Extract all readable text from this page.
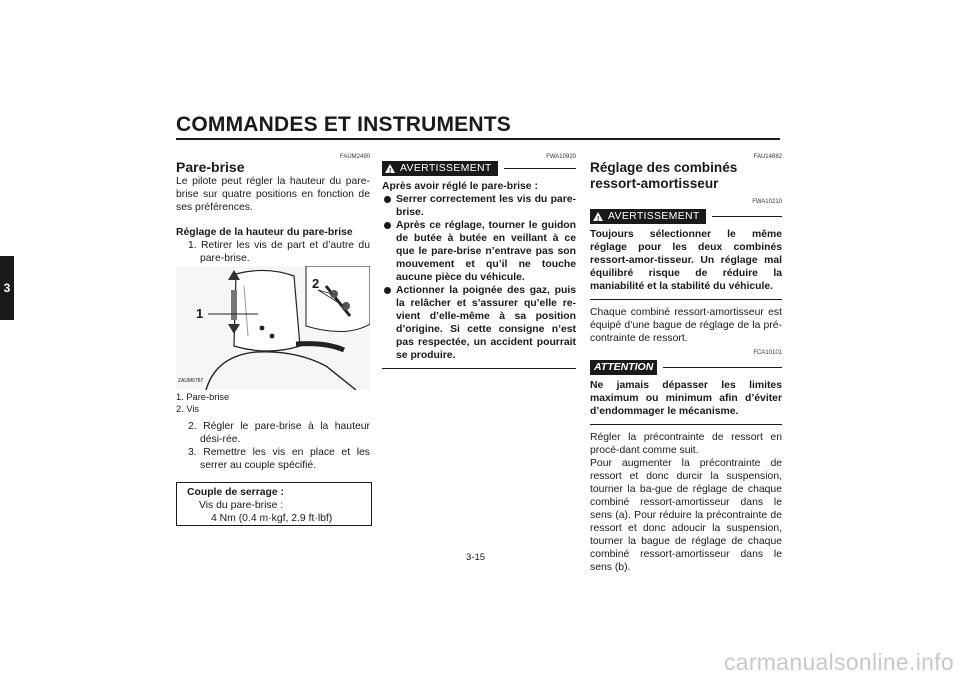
COMMANDES ET INSTRUMENTS
3
FAUM2490
Pare-brise
Le pilote peut régler la hauteur du pare-brise sur quatre positions en fonction de ses préférences.
Réglage de la hauteur du pare-brise
1. Retirer les vis de part et d’autre du pare-brise.
1
2
ZAUM0787
1. Pare-brise
2. Vis
2. Régler le pare-brise à la hauteur dési-rée.
3. Remettre les vis en place et les serrer au couple spécifié.
Couple de serrage :
Vis du pare-brise :
4 Nm (0.4 m·kgf, 2.9 ft·lbf)
FWA10920
! AVERTISSEMENT
Après avoir réglé le pare-brise :
Serrer correctement les vis du pare-brise.
Après ce réglage, tourner le guidon de butée à butée en veillant à ce que le pare-brise n’entrave pas son mouvement et qu’il ne touche aucune pièce du véhicule.
Actionner la poignée des gaz, puis la relâcher et s’assurer qu’elle re-vient d’elle-même à sa position d’origine. Si cette consigne n’est pas respectée, un accident pourrait se produire.
FAU14882
Réglage des combinés ressort-amortisseur
FWA10210
! AVERTISSEMENT
Toujours sélectionner le même réglage pour les deux combinés ressort-amor-tisseur. Un réglage mal équilibré risque de réduire la maniabilité et la stabilité du véhicule.
Chaque combiné ressort-amortisseur est équipé d’une bague de réglage de la pré-contrainte de ressort.
FCA10101
ATTENTION
Ne jamais dépasser les limites maximum ou minimum afin d’éviter d’endommager le mécanisme.
Régler la précontrainte de ressort en procé-dant comme suit.
Pour augmenter la précontrainte de ressort et donc durcir la suspension, tourner la ba-gue de réglage de chaque combiné ressort-amortisseur dans le sens (a). Pour réduire la précontrainte de ressort et donc adoucir la suspension, tourner la bague de réglage de chaque combiné ressort-amortisseur dans le sens (b).
3-15
carmanualsonline.info
